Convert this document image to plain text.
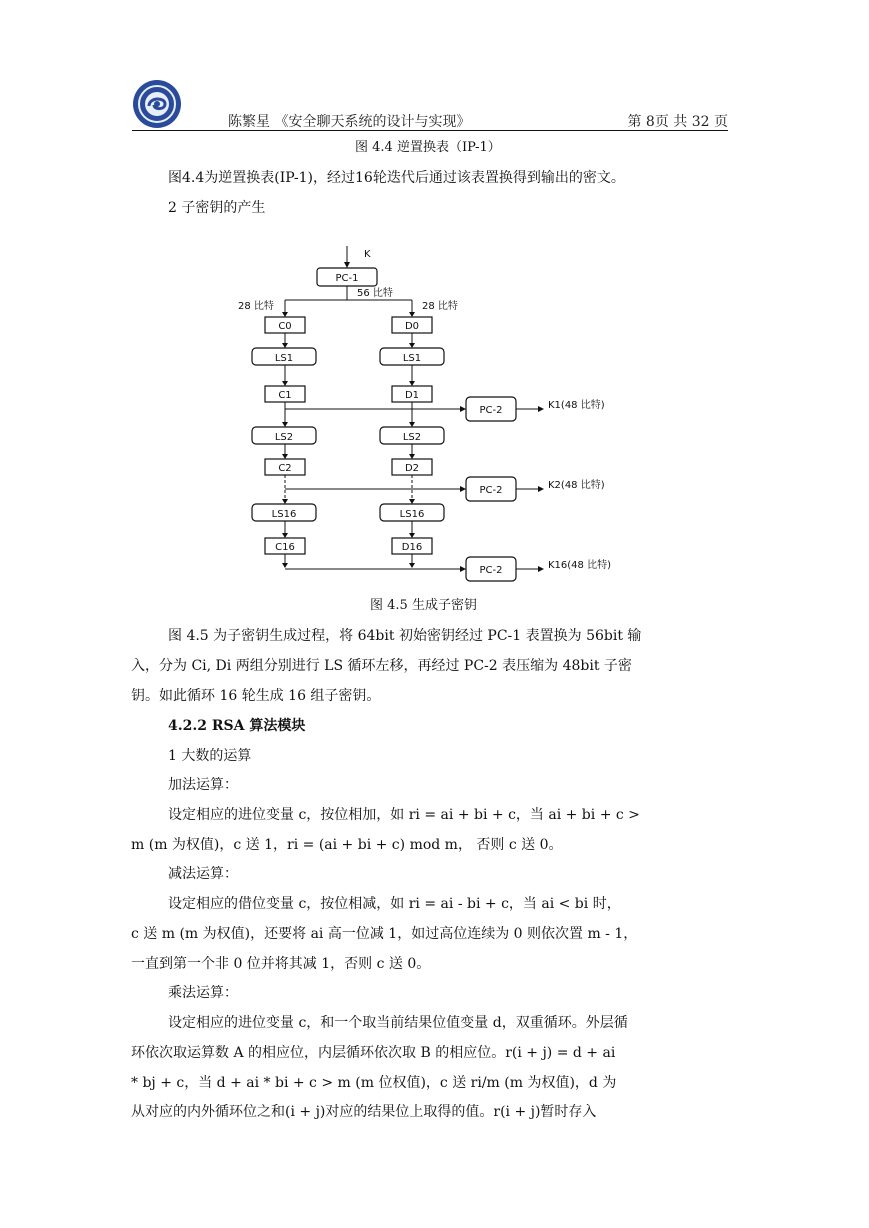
陈繁星 《安全聊天系统的设计与实现》	第 8页 共 32 页
图 4.4 逆置换表（IP-1）
图4.4为逆置换表(IP-1)，经过16轮迭代后通过该表置换得到输出的密文。
2 子密钥的产生
K
PC-1
56 比特
28 比特	28 比特
C0
LS1
C1
LS2
C2
LS16
C16
D0
LS1
D1
LS2
D2
LS16
D16
PC-2	K1(48 比特)
PC-2	K2(48 比特)
PC-2	K16(48 比特)
图 4.5 生成子密钥
图 4.5 为子密钥生成过程，将 64bit 初始密钥经过 PC-1 表置换为 56bit 输
入，分为 Ci, Di 两组分别进行 LS 循环左移，再经过 PC-2 表压缩为 48bit 子密
钥。如此循环 16 轮生成 16 组子密钥。
4.2.2 RSA 算法模块
1 大数的运算
加法运算：
设定相应的进位变量 c，按位相加，如 ri = ai + bi + c，当 ai + bi + c >
m (m 为权值)，c 送 1，ri = (ai + bi + c) mod m， 否则 c 送 0。
减法运算：
设定相应的借位变量 c，按位相减，如 ri = ai - bi + c，当 ai < bi 时，
c 送 m (m 为权值)，还要将 ai 高一位减 1，如过高位连续为 0 则依次置 m - 1，
一直到第一个非 0 位并将其减 1，否则 c 送 0。
乘法运算：
设定相应的进位变量 c，和一个取当前结果位值变量 d，双重循环。外层循
环依次取运算数 A 的相应位，内层循环依次取 B 的相应位。r(i + j) = d + ai
* bj + c，当 d + ai * bi + c > m (m 位权值)，c 送 ri/m (m 为权值)，d 为
从对应的内外循环位之和(i + j)对应的结果位上取得的值。r(i + j)暂时存入
